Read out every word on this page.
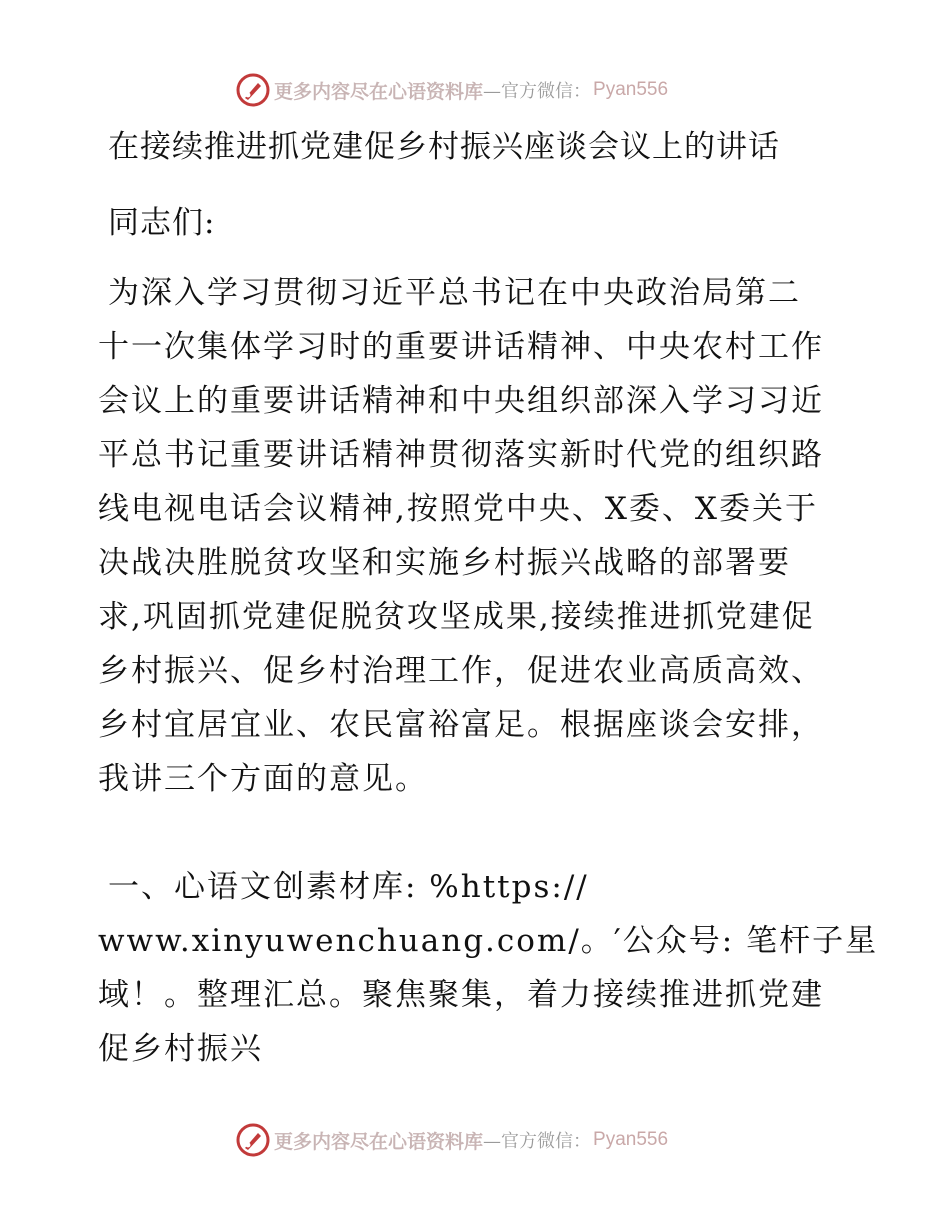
更多内容尽在心语资料库 —官方微信： Pyan556
在接续推进抓党建促乡村振兴座谈会议上的讲话
同志们:
为深入学习贯彻习近平总书记在中央政治局第二
十一次集体学习时的重要讲话精神、中央农村工作
会议上的重要讲话精神和中央组织部深入学习习近
平总书记重要讲话精神贯彻落实新时代党的组织路
线电视电话会议精神,按照党中央、X委、X委关于
决战决胜脱贫攻坚和实施乡村振兴战略的部署要
求,巩固抓党建促脱贫攻坚成果,接续推进抓党建促
乡村振兴、促乡村治理工作，促进农业高质高效、
乡村宜居宜业、农民富裕富足。根据座谈会安排，
我讲三个方面的意见。
一、心语文创素材库: %https://
www.xinyuwenchuang.com/。′公众号: 笔杆子星
域！。整理汇总。聚焦聚集，着力接续推进抓党建
促乡村振兴
更多内容尽在心语资料库 —官方微信： Pyan556
